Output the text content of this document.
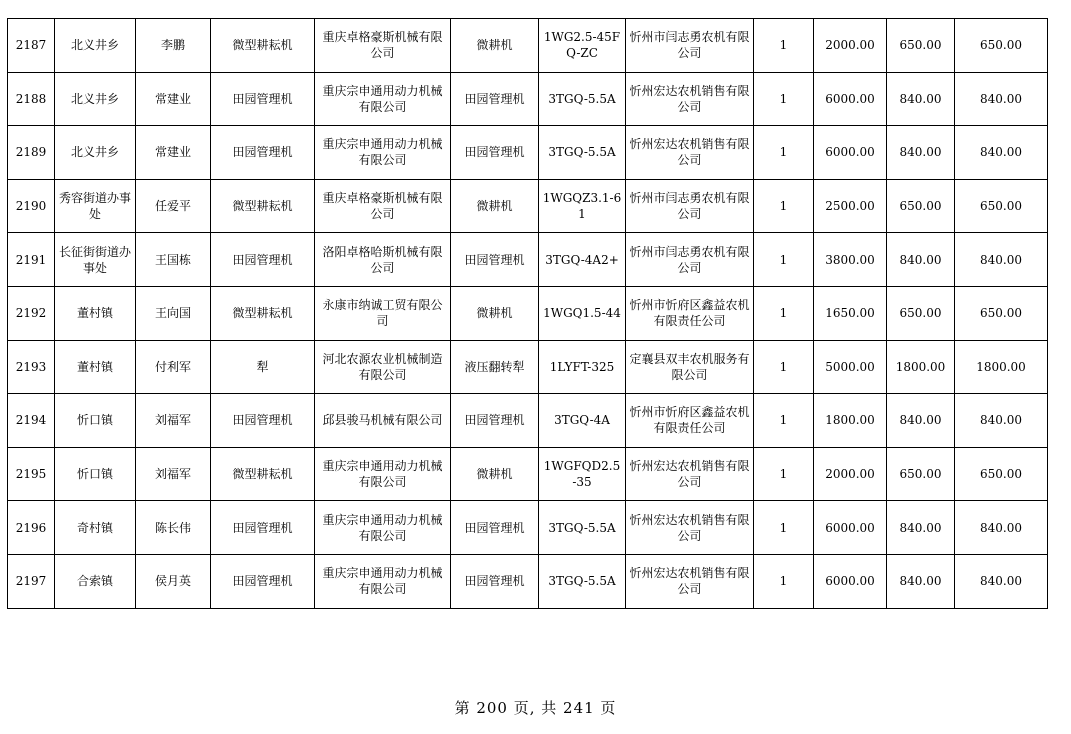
2187	北义井乡	李鹏	微型耕耘机	重庆卓格豪斯机械有限公司	微耕机	1WG2.5-45FQ-ZC	忻州市闫志勇农机有限公司	1	2000.00	650.00	650.00
2188	北义井乡	常建业	田园管理机	重庆宗申通用动力机械有限公司	田园管理机	3TGQ-5.5A	忻州宏达农机销售有限公司	1	6000.00	840.00	840.00
2189	北义井乡	常建业	田园管理机	重庆宗申通用动力机械有限公司	田园管理机	3TGQ-5.5A	忻州宏达农机销售有限公司	1	6000.00	840.00	840.00
2190	秀容街道办事处	任爱平	微型耕耘机	重庆卓格豪斯机械有限公司	微耕机	1WGQZ3.1-61	忻州市闫志勇农机有限公司	1	2500.00	650.00	650.00
2191	长征街街道办事处	王国栋	田园管理机	洛阳卓格哈斯机械有限公司	田园管理机	3TGQ-4A2+	忻州市闫志勇农机有限公司	1	3800.00	840.00	840.00
2192	董村镇	王向国	微型耕耘机	永康市纳诚工贸有限公司	微耕机	1WGQ1.5-44	忻州市忻府区鑫益农机有限责任公司	1	1650.00	650.00	650.00
2193	董村镇	付利军	犁	河北农源农业机械制造有限公司	液压翻转犁	1LYFT-325	定襄县双丰农机服务有限公司	1	5000.00	1800.00	1800.00
2194	忻口镇	刘福军	田园管理机	邱县骏马机械有限公司	田园管理机	3TGQ-4A	忻州市忻府区鑫益农机有限责任公司	1	1800.00	840.00	840.00
2195	忻口镇	刘福军	微型耕耘机	重庆宗申通用动力机械有限公司	微耕机	1WGFQD2.5-35	忻州宏达农机销售有限公司	1	2000.00	650.00	650.00
2196	奇村镇	陈长伟	田园管理机	重庆宗申通用动力机械有限公司	田园管理机	3TGQ-5.5A	忻州宏达农机销售有限公司	1	6000.00	840.00	840.00
2197	合索镇	侯月英	田园管理机	重庆宗申通用动力机械有限公司	田园管理机	3TGQ-5.5A	忻州宏达农机销售有限公司	1	6000.00	840.00	840.00
第 200 页, 共 241 页
